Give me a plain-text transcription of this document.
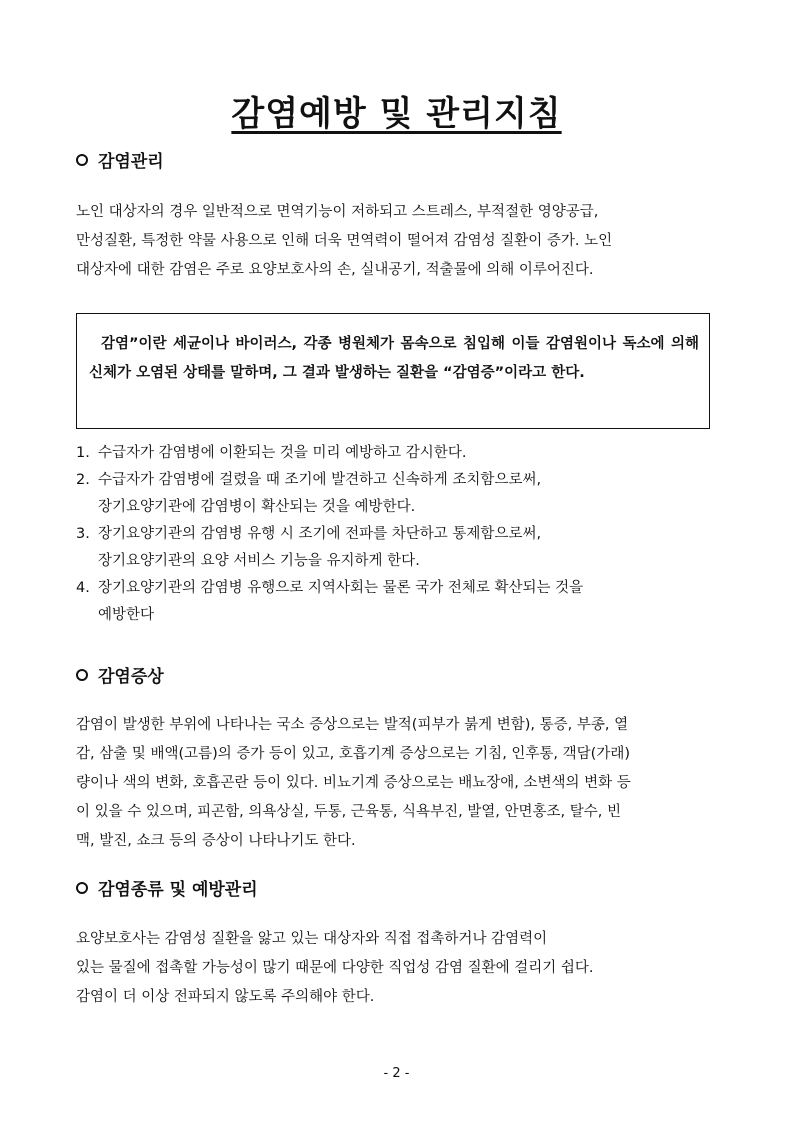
감염예방 및 관리지침
감염관리
노인 대상자의 경우 일반적으로 면역기능이 저하되고 스트레스, 부적절한 영양공급,
만성질환, 특정한 약물 사용으로 인해 더욱 면역력이 떨어져 감염성 질환이 증가. 노인
대상자에 대한 감염은 주로 요양보호사의 손, 실내공기, 적출물에 의해 이루어진다.

감염”이란 세균이나 바이러스, 각종 병원체가 몸속으로 침입해 이들 감염원이나 독소에 의해 신체가 오염된 상태를 말하며, 그 결과 발생하는 질환을 “감염증”이라고 한다.

1. 수급자가 감염병에 이환되는 것을 미리 예방하고 감시한다.
2. 수급자가 감염병에 걸렸을 때 조기에 발견하고 신속하게 조치함으로써,
장기요양기관에 감염병이 확산되는 것을 예방한다.
3. 장기요양기관의 감염병 유행 시 조기에 전파를 차단하고 통제함으로써,
장기요양기관의 요양 서비스 기능을 유지하게 한다.
4. 장기요양기관의 감염병 유행으로 지역사회는 물론 국가 전체로 확산되는 것을
예방한다
감염증상
감염이 발생한 부위에 나타나는 국소 증상으로는 발적(피부가 붉게 변함), 통증, 부종, 열
감, 삼출 및 배액(고름)의 증가 등이 있고, 호흡기계 증상으로는 기침, 인후통, 객담(가래)
량이나 색의 변화, 호흡곤란 등이 있다. 비뇨기계 증상으로는 배뇨장애, 소변색의 변화 등
이 있을 수 있으며, 피곤함, 의욕상실, 두통, 근육통, 식욕부진, 발열, 안면홍조, 탈수, 빈
맥, 발진, 쇼크 등의 증상이 나타나기도 한다.
감염종류 및 예방관리
요양보호사는 감염성 질환을 앓고 있는 대상자와 직접 접촉하거나 감염력이
있는 물질에 접촉할 가능성이 많기 때문에 다양한 직업성 감염 질환에 걸리기 쉽다.
감염이 더 이상 전파되지 않도록 주의해야 한다.

- 2 -
